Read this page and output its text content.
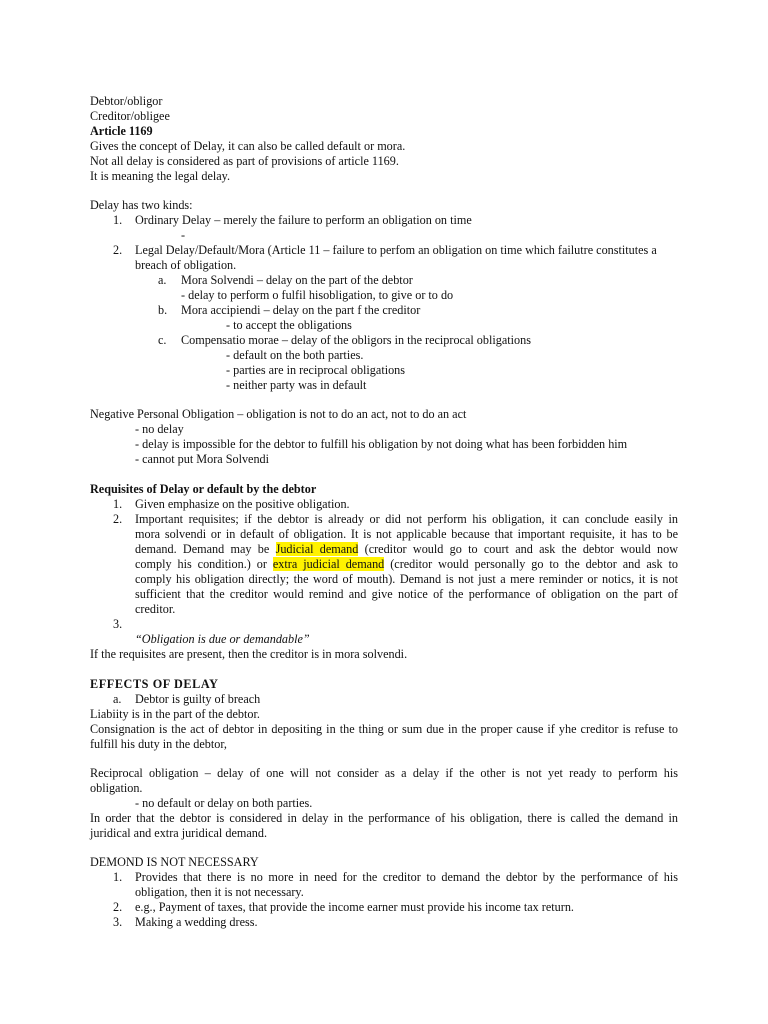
Debtor/obligor
Creditor/obligee
Article 1169
Gives the concept of Delay, it can also be called default or mora.
Not all delay is considered as part of provisions of article 1169.
It is meaning the legal delay.
Delay has two kinds:
1. Ordinary Delay – merely the failure to perform an obligation on time
-
2. Legal Delay/Default/Mora (Article 11 – failure to perfom an obligation on time which failutre constitutes a
breach of obligation.
a. Mora Solvendi – delay on the part of the debtor
- delay to perform o fulfil hisobligation, to give or to do
b. Mora accipiendi – delay on the part f the creditor
- to accept the obligations
c. Compensatio morae – delay of the obligors in the reciprocal obligations
- default on the both parties.
- parties are in reciprocal obligations
- neither party was in default
Negative Personal Obligation – obligation is not to do an act, not to do an act
- no delay
- delay is impossible for the debtor to fulfill his obligation by not doing what has been forbidden him
- cannot put Mora Solvendi
Requisites of Delay or default by the debtor
1. Given emphasize on the positive obligation.
2. Important requisites; if the debtor is already or did not perform his obligation, it can conclude easily in
mora solvendi or in default of obligation. It is not applicable because that important requisite, it has to be
demand. Demand may be Judicial demand (creditor would go to court and ask the debtor would now
comply his condition.) or extra judicial demand (creditor would personally go to the debtor and ask to
comply his obligation directly; the word of mouth). Demand is not just a mere reminder or notics, it is not
sufficient that the creditor would remind and give notice of the performance of obligation on the part of
creditor.
3.
“Obligation is due or demandable”
If the requisites are present, then the creditor is in mora solvendi.
EFFECTS OF DELAY
a. Debtor is guilty of breach
Liabiity is in the part of the debtor.
Consignation is the act of debtor in depositing in the thing or sum due in the proper cause if yhe creditor is refuse to
fulfill his duty in the debtor,
Reciprocal obligation – delay of one will not consider as a delay if the other is not yet ready to perform his
obligation.
- no default or delay on both parties.
In order that the debtor is considered in delay in the performance of his obligation, there is called the demand in
juridical and extra juridical demand.
DEMOND IS NOT NECESSARY
1. Provides that there is no more in need for the creditor to demand the debtor by the performance of his
obligation, then it is not necessary.
2. e.g., Payment of taxes, that provide the income earner must provide his income tax return.
3. Making a wedding dress.
